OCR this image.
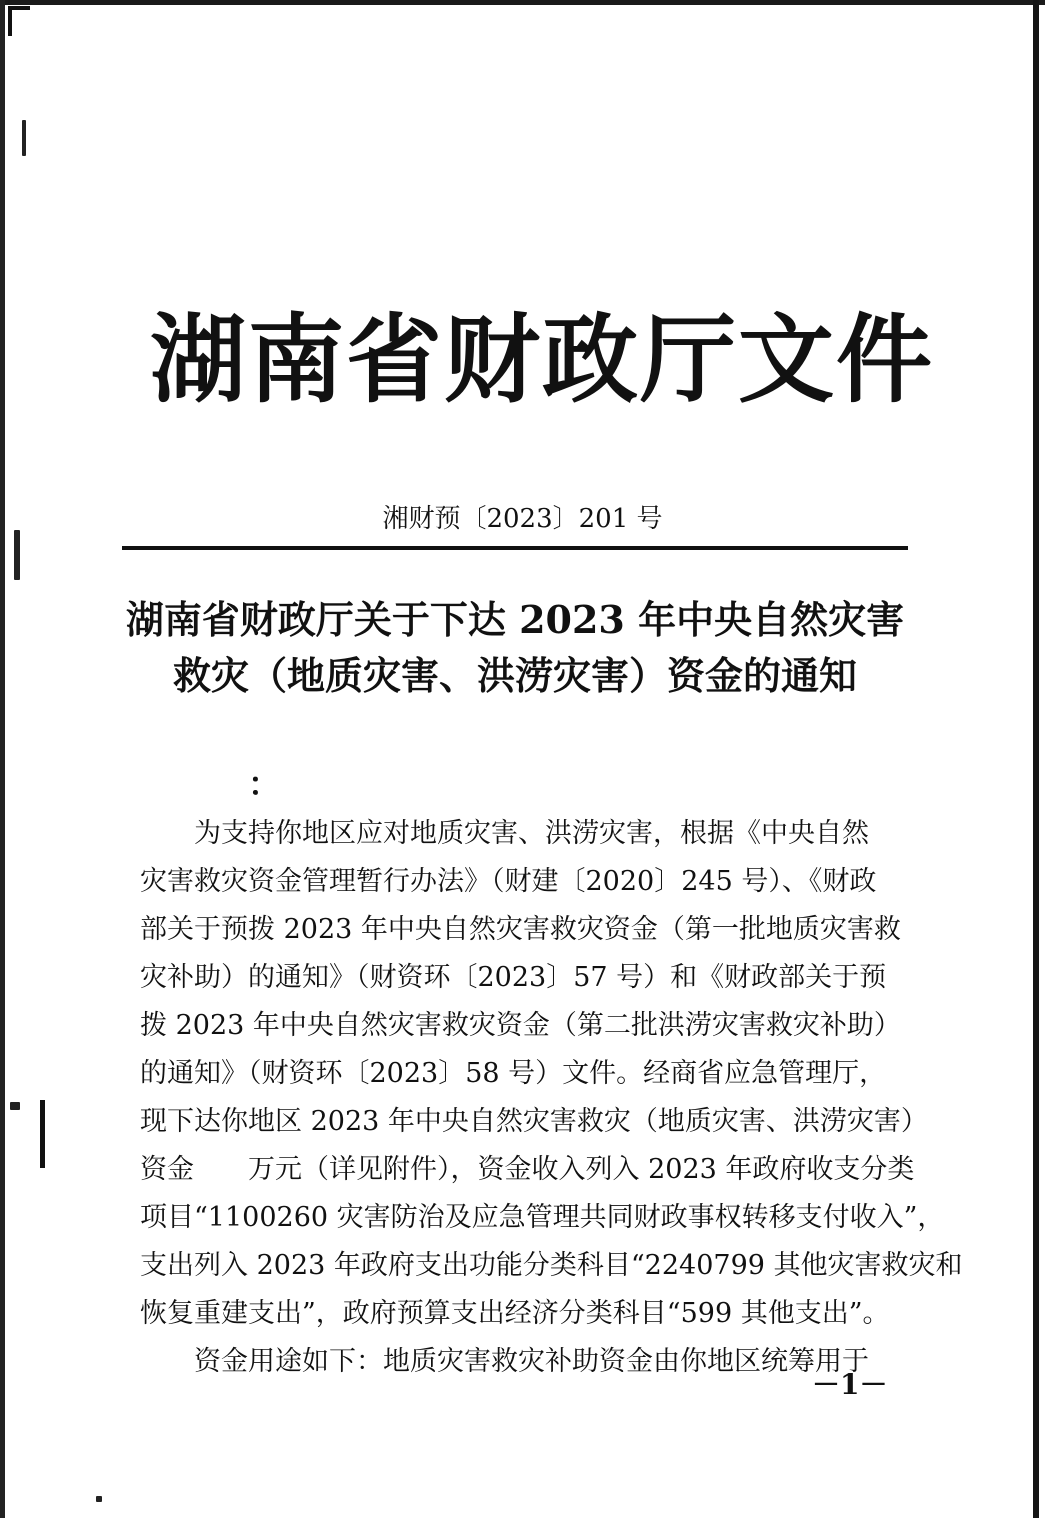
湖南省财政厅文件
湘财预〔2023〕201 号
湖南省财政厅关于下达 2023 年中央自然灾害
救灾（地质灾害、洪涝灾害）资金的通知
：
　　为支持你地区应对地质灾害、洪涝灾害，根据《中央自然
灾害救灾资金管理暂行办法》（财建〔2020〕245 号）、《财政
部关于预拨 2023 年中央自然灾害救灾资金（第一批地质灾害救
灾补助）的通知》（财资环〔2023〕57 号）和《财政部关于预
拨 2023 年中央自然灾害救灾资金（第二批洪涝灾害救灾补助）
的通知》（财资环〔2023〕58 号）文件。经商省应急管理厅，
现下达你地区 2023 年中央自然灾害救灾（地质灾害、洪涝灾害）
资金　　万元（详见附件），资金收入列入 2023 年政府收支分类
项目“1100260 灾害防治及应急管理共同财政事权转移支付收入”，
支出列入 2023 年政府支出功能分类科目“2240799 其他灾害救灾和
恢复重建支出”，政府预算支出经济分类科目“599 其他支出”。
　　资金用途如下：地质灾害救灾补助资金由你地区统筹用于
－1－
